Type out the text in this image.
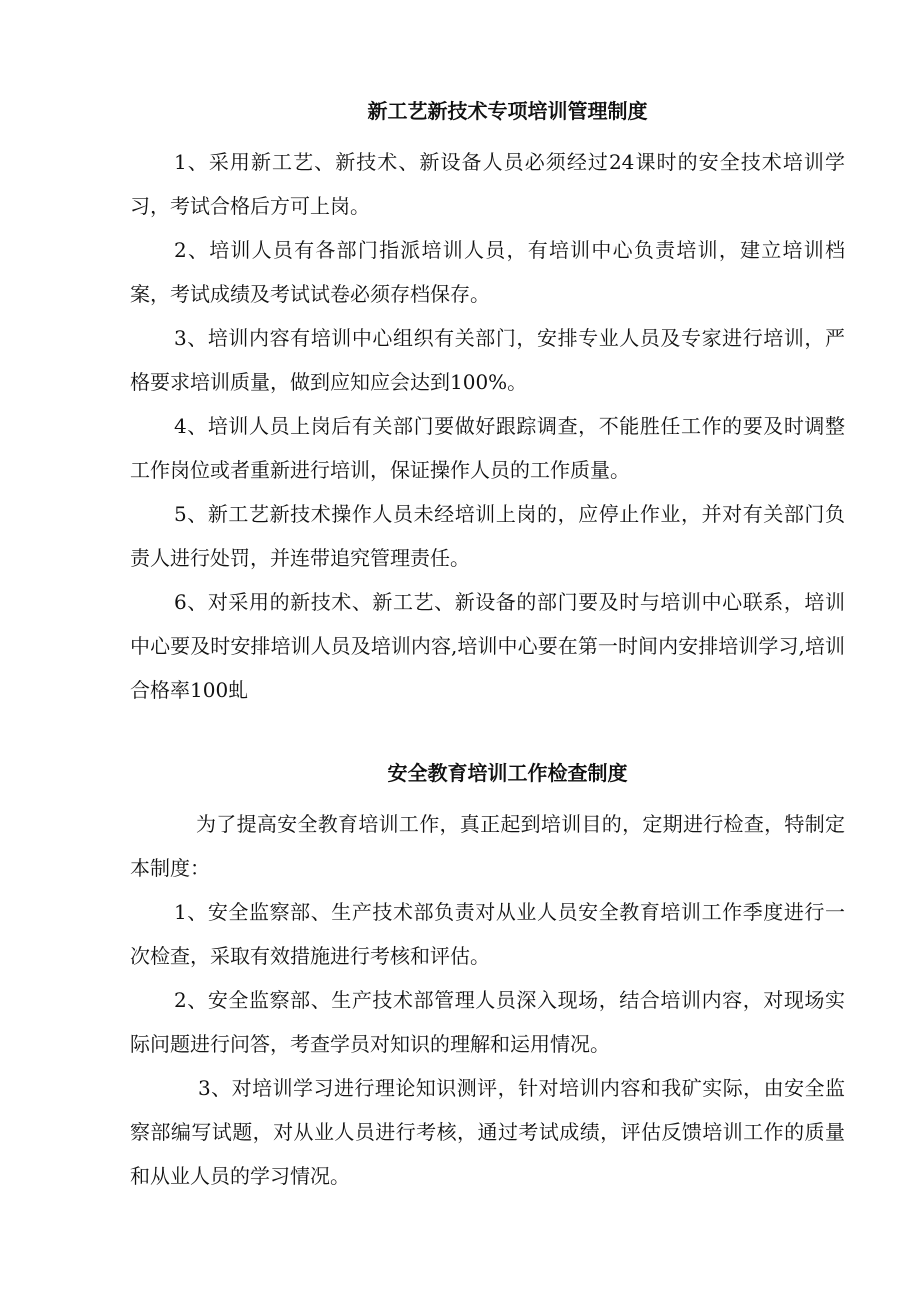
新工艺新技术专项培训管理制度

1、采用新工艺、新技术、新设备人员必须经过24课时的安全技术培训学习，考试合格后方可上岗。

2、培训人员有各部门指派培训人员，有培训中心负责培训，建立培训档案，考试成绩及考试试卷必须存档保存。

3、培训内容有培训中心组织有关部门，安排专业人员及专家进行培训，严格要求培训质量，做到应知应会达到100%。

4、培训人员上岗后有关部门要做好跟踪调查，不能胜任工作的要及时调整工作岗位或者重新进行培训，保证操作人员的工作质量。

5、新工艺新技术操作人员未经培训上岗的，应停止作业，并对有关部门负责人进行处罚，并连带追究管理责任。

6、对采用的新技术、新工艺、新设备的部门要及时与培训中心联系，培训中心要及时安排培训人员及培训内容,培训中心要在第一时间内安排培训学习,培训合格率100虬

安全教育培训工作检查制度

为了提高安全教育培训工作，真正起到培训目的，定期进行检查，特制定本制度：

1、安全监察部、生产技术部负责对从业人员安全教育培训工作季度进行一次检查，采取有效措施进行考核和评估。

2、安全监察部、生产技术部管理人员深入现场，结合培训内容，对现场实际问题进行问答，考查学员对知识的理解和运用情况。

3、对培训学习进行理论知识测评，针对培训内容和我矿实际，由安全监察部编写试题，对从业人员进行考核，通过考试成绩，评估反馈培训工作的质量和从业人员的学习情况。
